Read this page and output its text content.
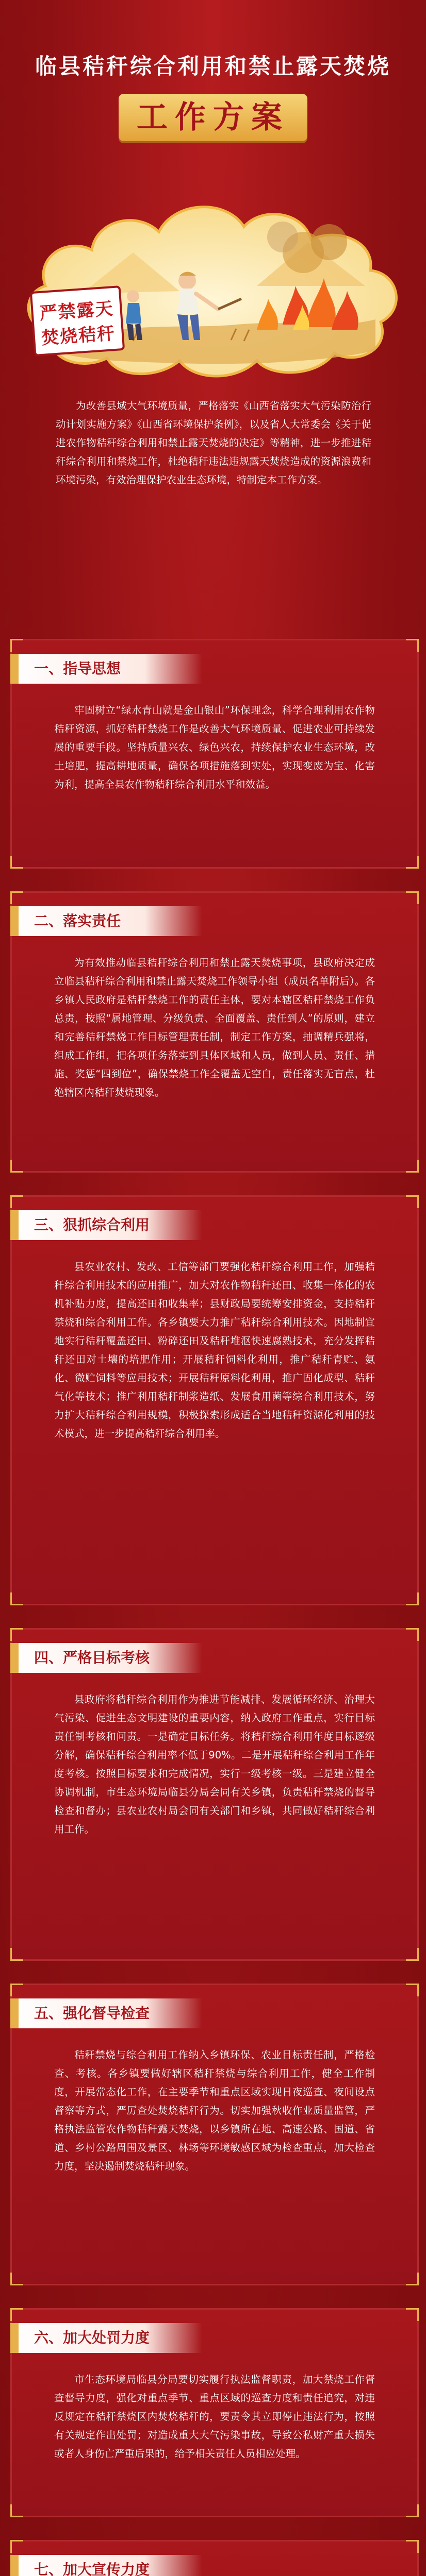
临县秸秆综合利用和禁止露天焚烧
工作方案
严禁露天
焚烧秸秆
为改善县域大气环境质量，严格落实《山西省落实大气污染防治行动计划实施方案》《山西省环境保护条例》，以及省人大常委会《关于促进农作物秸秆综合利用和禁止露天焚烧的决定》等精神，进一步推进秸秆综合利用和禁烧工作，杜绝秸秆违法违规露天焚烧造成的资源浪费和环境污染，有效治理保护农业生态环境，特制定本工作方案。
一、指导思想
牢固树立“绿水青山就是金山银山”环保理念，科学合理利用农作物秸秆资源，抓好秸秆禁烧工作是改善大气环境质量、促进农业可持续发展的重要手段。坚持质量兴农、绿色兴农，持续保护农业生态环境，改土培肥，提高耕地质量，确保各项措施落到实处，实现变废为宝、化害为利，提高全县农作物秸秆综合利用水平和效益。
二、落实责任
为有效推动临县秸秆综合利用和禁止露天焚烧事项，县政府决定成立临县秸秆综合利用和禁止露天焚烧工作领导小组（成员名单附后）。各乡镇人民政府是秸秆禁烧工作的责任主体，要对本辖区秸秆禁烧工作负总责，按照“属地管理、分级负责、全面覆盖、责任到人”的原则，建立和完善秸秆禁烧工作目标管理责任制，制定工作方案，抽调精兵强将，组成工作组，把各项任务落实到具体区域和人员，做到人员、责任、措施、奖惩“四到位”，确保禁烧工作全覆盖无空白，责任落实无盲点，杜绝辖区内秸秆焚烧现象。
三、狠抓综合利用
县农业农村、发改、工信等部门要强化秸秆综合利用工作，加强秸秆综合利用技术的应用推广，加大对农作物秸秆还田、收集一体化的农机补贴力度，提高还田和收集率；县财政局要统筹安排资金，支持秸秆禁烧和综合利用工作。各乡镇要大力推广秸秆综合利用技术。因地制宜地实行秸秆覆盖还田、粉碎还田及秸秆堆沤快速腐熟技术，充分发挥秸秆还田对土壤的培肥作用；开展秸秆饲料化利用，推广秸秆青贮、氨化、微贮饲料等应用技术；开展秸秆原料化利用，推广固化成型、秸秆气化等技术；推广利用秸秆制浆造纸、发展食用菌等综合利用技术，努力扩大秸秆综合利用规模，积极探索形成适合当地秸秆资源化利用的技术模式，进一步提高秸秆综合利用率。
四、严格目标考核
县政府将秸秆综合利用作为推进节能减排、发展循环经济、治理大气污染、促进生态文明建设的重要内容，纳入政府工作重点，实行目标责任制考核和问责。一是确定目标任务。将秸秆综合利用年度目标逐级分解，确保秸秆综合利用率不低于90%。二是开展秸秆综合利用工作年度考核。按照目标要求和完成情况，实行一级考核一级。三是建立健全协调机制，市生态环境局临县分局会同有关乡镇，负责秸秆禁烧的督导检查和督办；县农业农村局会同有关部门和乡镇，共同做好秸秆综合利用工作。
五、强化督导检查
秸秆禁烧与综合利用工作纳入乡镇环保、农业目标责任制，严格检查、考核。各乡镇要做好辖区秸秆禁烧与综合利用工作，健全工作制度，开展常态化工作，在主要季节和重点区域实现日夜巡查、夜间设点督察等方式，严厉查处焚烧秸秆行为。切实加强秋收作业质量监管，严格执法监管农作物秸秆露天焚烧，以乡镇所在地、高速公路、国道、省道、乡村公路周围及景区、林场等环境敏感区域为检查重点，加大检查力度，坚决遏制焚烧秸秆现象。
六、加大处罚力度
市生态环境局临县分局要切实履行执法监督职责，加大禁烧工作督查督导力度，强化对重点季节、重点区域的巡查力度和责任追究，对违反规定在秸秆禁烧区内焚烧秸秆的，要责令其立即停止违法行为，按照有关规定作出处罚；对造成重大大气污染事故，导致公私财产重大损失或者人身伤亡严重后果的，给予相关责任人员相应处理。
七、加大宣传力度
